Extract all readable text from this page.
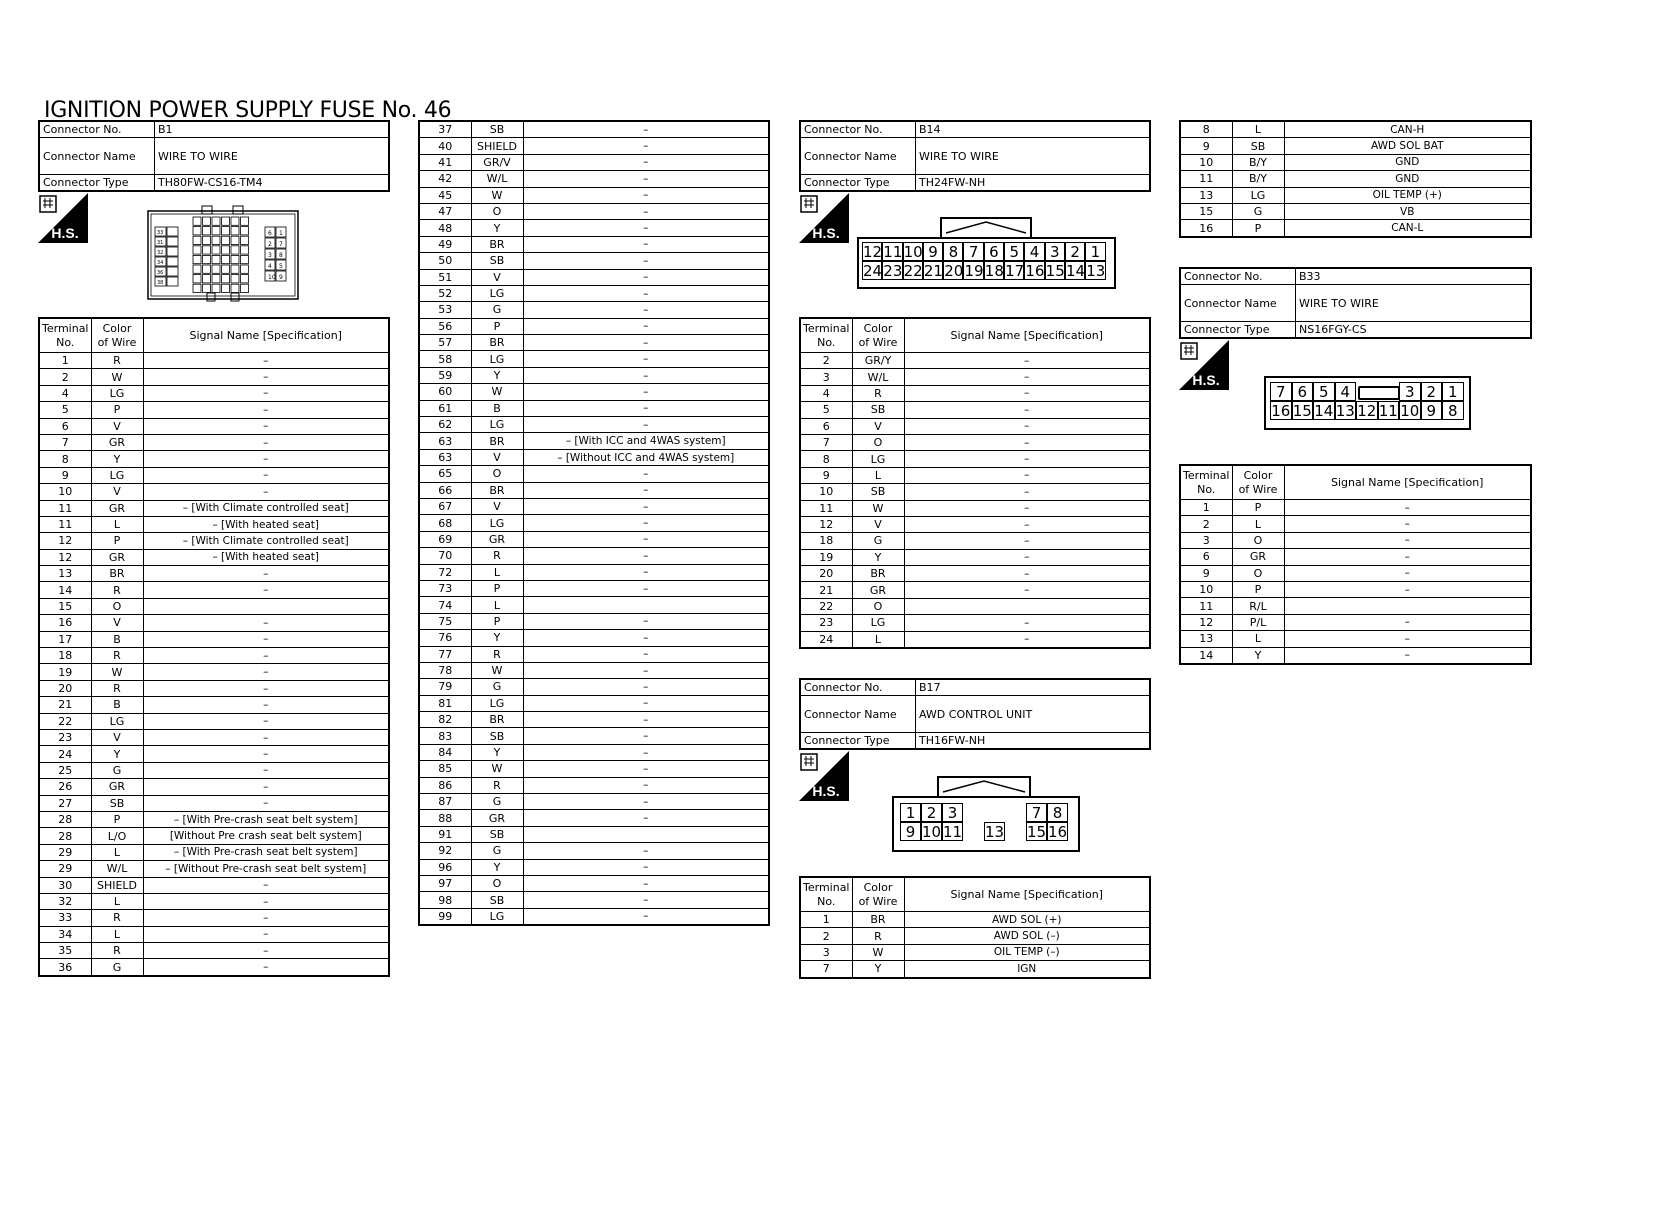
IGNITION POWER SUPPLY FUSE No. 46
Connector No.	B1
Connector Name	WIRE TO WIRE
Connector Type	TH80FW-CS16-TM4
H.S.	33
31
32
34
36
38
6 1
2 7
3 8
4 5
10 9
Terminal
No.	Color
of Wire	Signal Name [Specification]
1	R	–
2	W	–
4	LG	–
5	P	–
6	V	–
7	GR	–
8	Y	–
9	LG	–
10	V	–
11	GR	– [With Climate controlled seat]
11	L	– [With heated seat]
12	P	– [With Climate controlled seat]
12	GR	– [With heated seat]
13	BR	–
14	R	–
15	O	
16	V	–
17	B	–
18	R	–
19	W	–
20	R	–
21	B	–
22	LG	–
23	V	–
24	Y	–
25	G	–
26	GR	–
27	SB	–
28	P	– [With Pre-crash seat belt system]
28	L/O	[Without Pre crash seat belt system]
29	L	– [With Pre-crash seat belt system]
29	W/L	– [Without Pre-crash seat belt system]
30	SHIELD	–
32	L	–
33	R	–
34	L	–
35	R	–
36	G	–
37	SB	–
40	SHIELD	–
41	GR/V	–
42	W/L	–
45	W	–
47	O	–
48	Y	–
49	BR	–
50	SB	–
51	V	–
52	LG	–
53	G	–
56	P	–
57	BR	–
58	LG	–
59	Y	–
60	W	–
61	B	–
62	LG	–
63	BR	– [With ICC and 4WAS system]
63	V	– [Without ICC and 4WAS system]
65	O	–
66	BR	–
67	V	–
68	LG	–
69	GR	–
70	R	–
72	L	–
73	P	–
74	L	
75	P	–
76	Y	–
77	R	–
78	W	–
79	G	–
81	LG	–
82	BR	–
83	SB	–
84	Y	–
85	W	–
86	R	–
87	G	–
88	GR	–
91	SB	
92	G	–
96	Y	–
97	O	–
98	SB	–
99	LG	–
Connector No.	B14
Connector Name	WIRE TO WIRE
Connector Type	TH24FW-NH
H.S.
12 11 10 9 8 7 6 5 4 3 2 1
24 23 22 21 20 19 18 17 16 15 14 13
Terminal
No.	Color
of Wire	Signal Name [Specification]
2	GR/Y	–
3	W/L	–
4	R	–
5	SB	–
6	V	–
7	O	–
8	LG	–
9	L	–
10	SB	–
11	W	–
12	V	–
18	G	–
19	Y	–
20	BR	–
21	GR	–
22	O	
23	LG	–
24	L	–
Connector No.	B17
Connector Name	AWD CONTROL UNIT
Connector Type	TH16FW-NH
H.S.
1 2 3	7 8
9 10 11 13 15 16
Terminal
No.	Color
of Wire	Signal Name [Specification]
1	BR	AWD SOL (+)
2	R	AWD SOL (–)
3	W	OIL TEMP (–)
7	Y	IGN
8	L	CAN-H
9	SB	AWD SOL BAT
10	B/Y	GND
11	B/Y	GND
13	LG	OIL TEMP (+)
15	G	VB
16	P	CAN-L
Connector No.	B33
Connector Name	WIRE TO WIRE
Connector Type	NS16FGY-CS
H.S.
7 6 5 4	3 2 1
16 15 14 13 12 11 10 9 8
Terminal
No.	Color
of Wire	Signal Name [Specification]
1	P	–
2	L	–
3	O	–
6	GR	–
9	O	–
10	P	–
11	R/L	
12	P/L	–
13	L	–
14	Y	–
